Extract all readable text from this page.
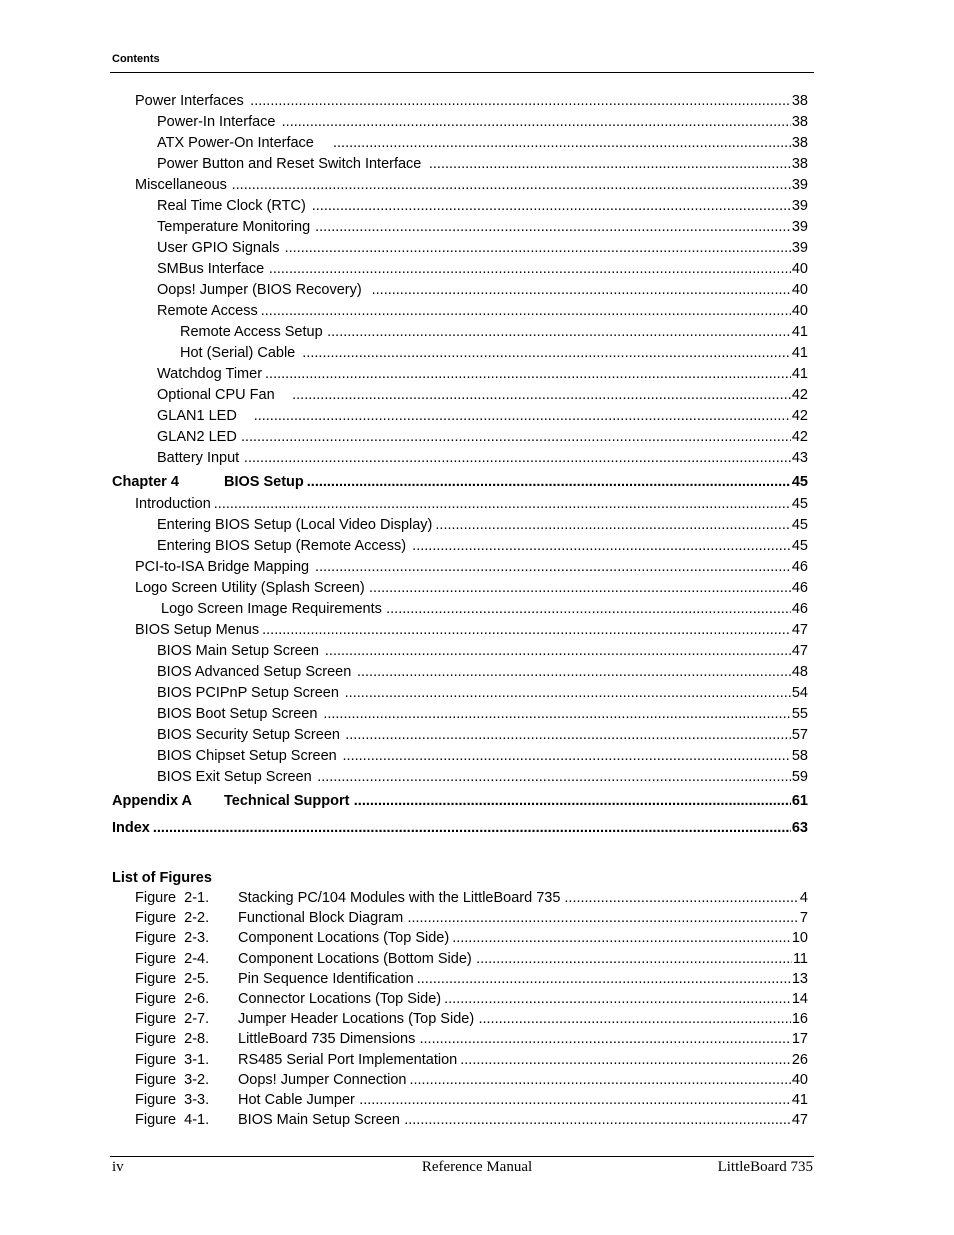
Contents
Power Interfaces .....	38
Power-In Interface .....	38
ATX Power-On Interface .....	38
Power Button and Reset Switch Interface .....	38
Miscellaneous .....	39
Real Time Clock (RTC) .....	39
Temperature Monitoring .....	39
User GPIO Signals .....	39
SMBus Interface .....	40
Oops! Jumper (BIOS Recovery) .....	40
Remote Access .....	40
Remote Access Setup .....	41
Hot (Serial) Cable .....	41
Watchdog Timer .....	41
Optional CPU Fan .....	42
GLAN1 LED .....	42
GLAN2 LED .....	42
Battery Input .....	43
Chapter 4	BIOS Setup .....	45
Introduction .....	45
Entering BIOS Setup (Local Video Display) .....	45
Entering BIOS Setup (Remote Access) .....	45
PCI-to-ISA Bridge Mapping .....	46
Logo Screen Utility (Splash Screen) .....	46
Logo Screen Image Requirements .....	46
BIOS Setup Menus .....	47
BIOS Main Setup Screen .....	47
BIOS Advanced Setup Screen .....	48
BIOS PCIPnP Setup Screen .....	54
BIOS Boot Setup Screen .....	55
BIOS Security Setup Screen .....	57
BIOS Chipset Setup Screen .....	58
BIOS Exit Setup Screen .....	59
Appendix A	Technical Support .....	61
Index .....	63
List of Figures
Figure  2-1.	Stacking PC/104 Modules with the LittleBoard 735 .....	4
Figure  2-2.	Functional Block Diagram .....	7
Figure  2-3.	Component Locations (Top Side) .....	10
Figure  2-4.	Component Locations (Bottom Side) .....	11
Figure  2-5.	Pin Sequence Identification .....	13
Figure  2-6.	Connector Locations (Top Side) .....	14
Figure  2-7.	Jumper Header Locations (Top Side) .....	16
Figure  2-8.	LittleBoard 735 Dimensions .....	17
Figure  3-1.	RS485 Serial Port Implementation .....	26
Figure  3-2.	Oops! Jumper Connection .....	40
Figure  3-3.	Hot Cable Jumper .....	41
Figure  4-1.	BIOS Main Setup Screen .....	47
iv	Reference Manual	LittleBoard 735
